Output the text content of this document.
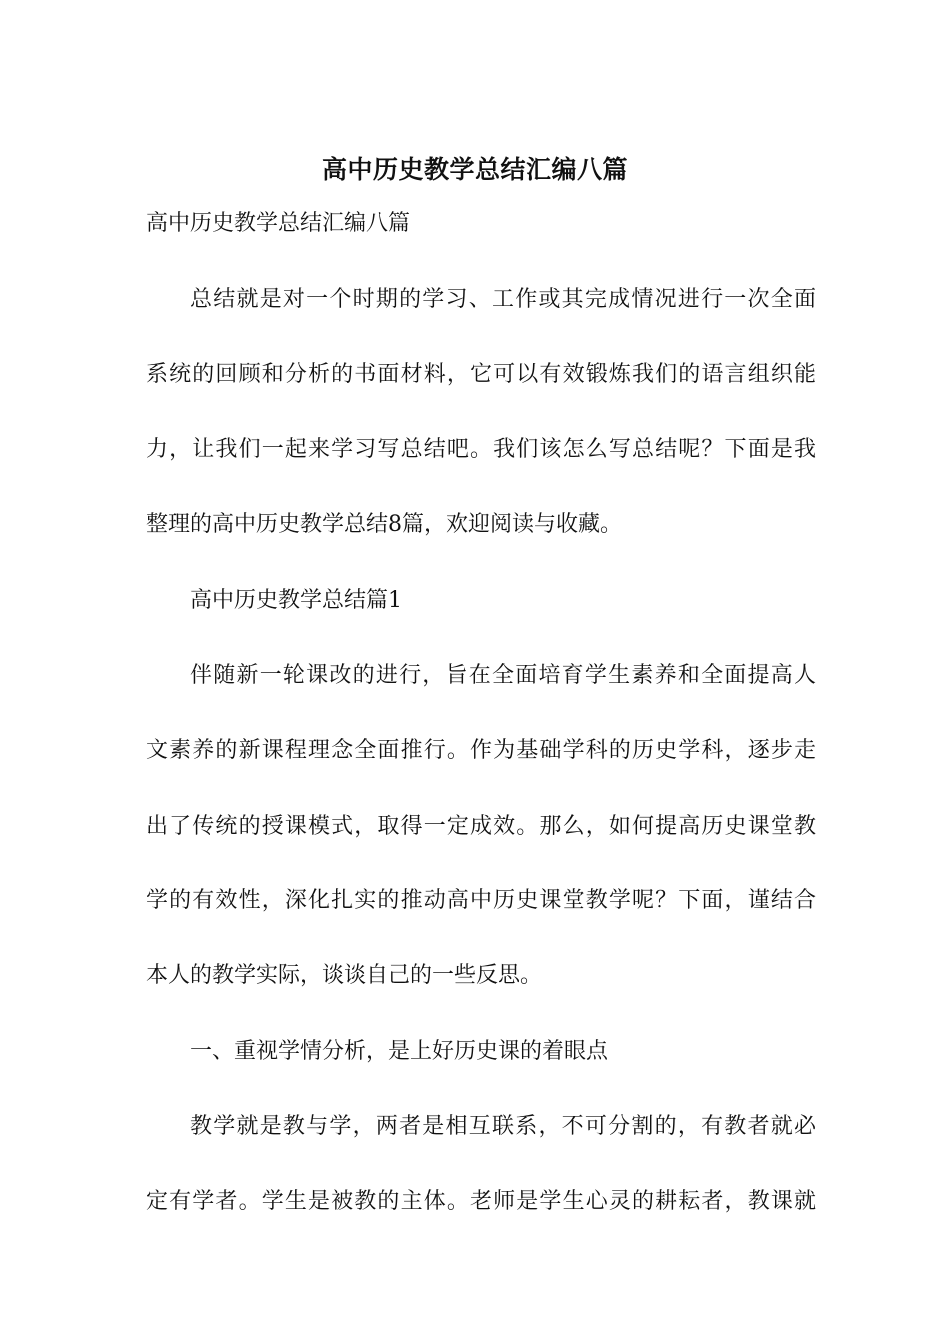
高中历史教学总结汇编八篇
高中历史教学总结汇编八篇
总结就是对一个时期的学习、工作或其完成情况进行一次全面
系统的回顾和分析的书面材料，它可以有效锻炼我们的语言组织能
力，让我们一起来学习写总结吧。我们该怎么写总结呢？下面是我
整理的高中历史教学总结8篇，欢迎阅读与收藏。
高中历史教学总结篇1
伴随新一轮课改的进行，旨在全面培育学生素养和全面提高人
文素养的新课程理念全面推行。作为基础学科的历史学科，逐步走
出了传统的授课模式，取得一定成效。那么，如何提高历史课堂教
学的有效性，深化扎实的推动高中历史课堂教学呢？下面，谨结合
本人的教学实际，谈谈自己的一些反思。
一、重视学情分析，是上好历史课的着眼点
教学就是教与学，两者是相互联系，不可分割的，有教者就必
定有学者。学生是被教的主体。老师是学生心灵的耕耘者，教课就
